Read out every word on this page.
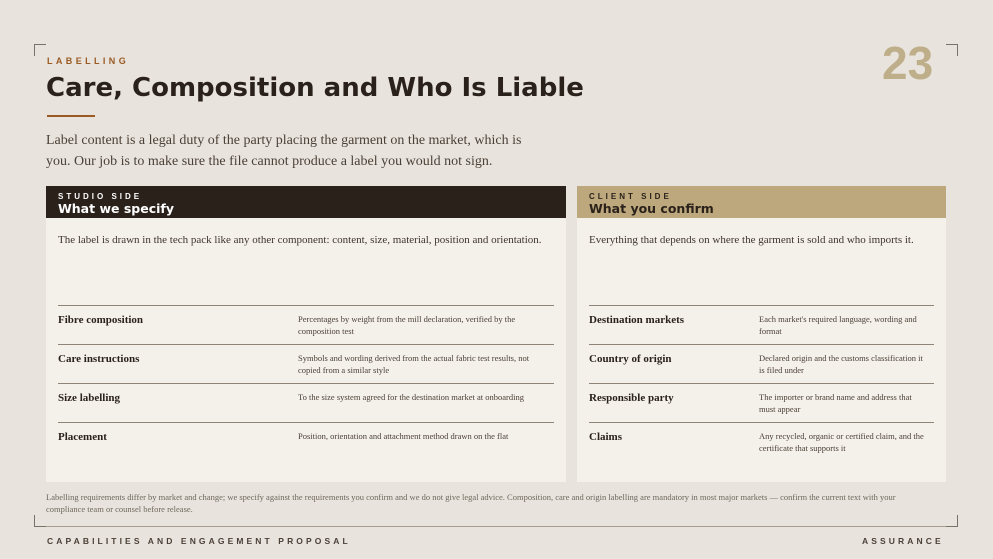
LABELLING	23
Care, Composition and Who Is Liable

Label content is a legal duty of the party placing the garment on the market, which is you. Our job is to make sure the file cannot produce a label you would not sign.

STUDIO SIDE
What we specify

The label is drawn in the tech pack like any other component: content, size, material, position and orientation.

Fibre composition	Percentages by weight from the mill declaration, verified by the composition test
Care instructions	Symbols and wording derived from the actual fabric test results, not copied from a similar style
Size labelling	To the size system agreed for the destination market at onboarding
Placement	Position, orientation and attachment method drawn on the flat
CLIENT SIDE
What you confirm

Everything that depends on where the garment is sold and who imports it.

Destination markets	Each market's required language, wording and format
Country of origin	Declared origin and the customs classification it is filed under
Responsible party	The importer or brand name and address that must appear
Claims	Any recycled, organic or certified claim, and the certificate that supports it

Labelling requirements differ by market and change; we specify against the requirements you confirm and we do not give legal advice. Composition, care and origin labelling are mandatory in most major markets — confirm the current text with your compliance team or counsel before release.

CAPABILITIES AND ENGAGEMENT PROPOSAL	ASSURANCE
